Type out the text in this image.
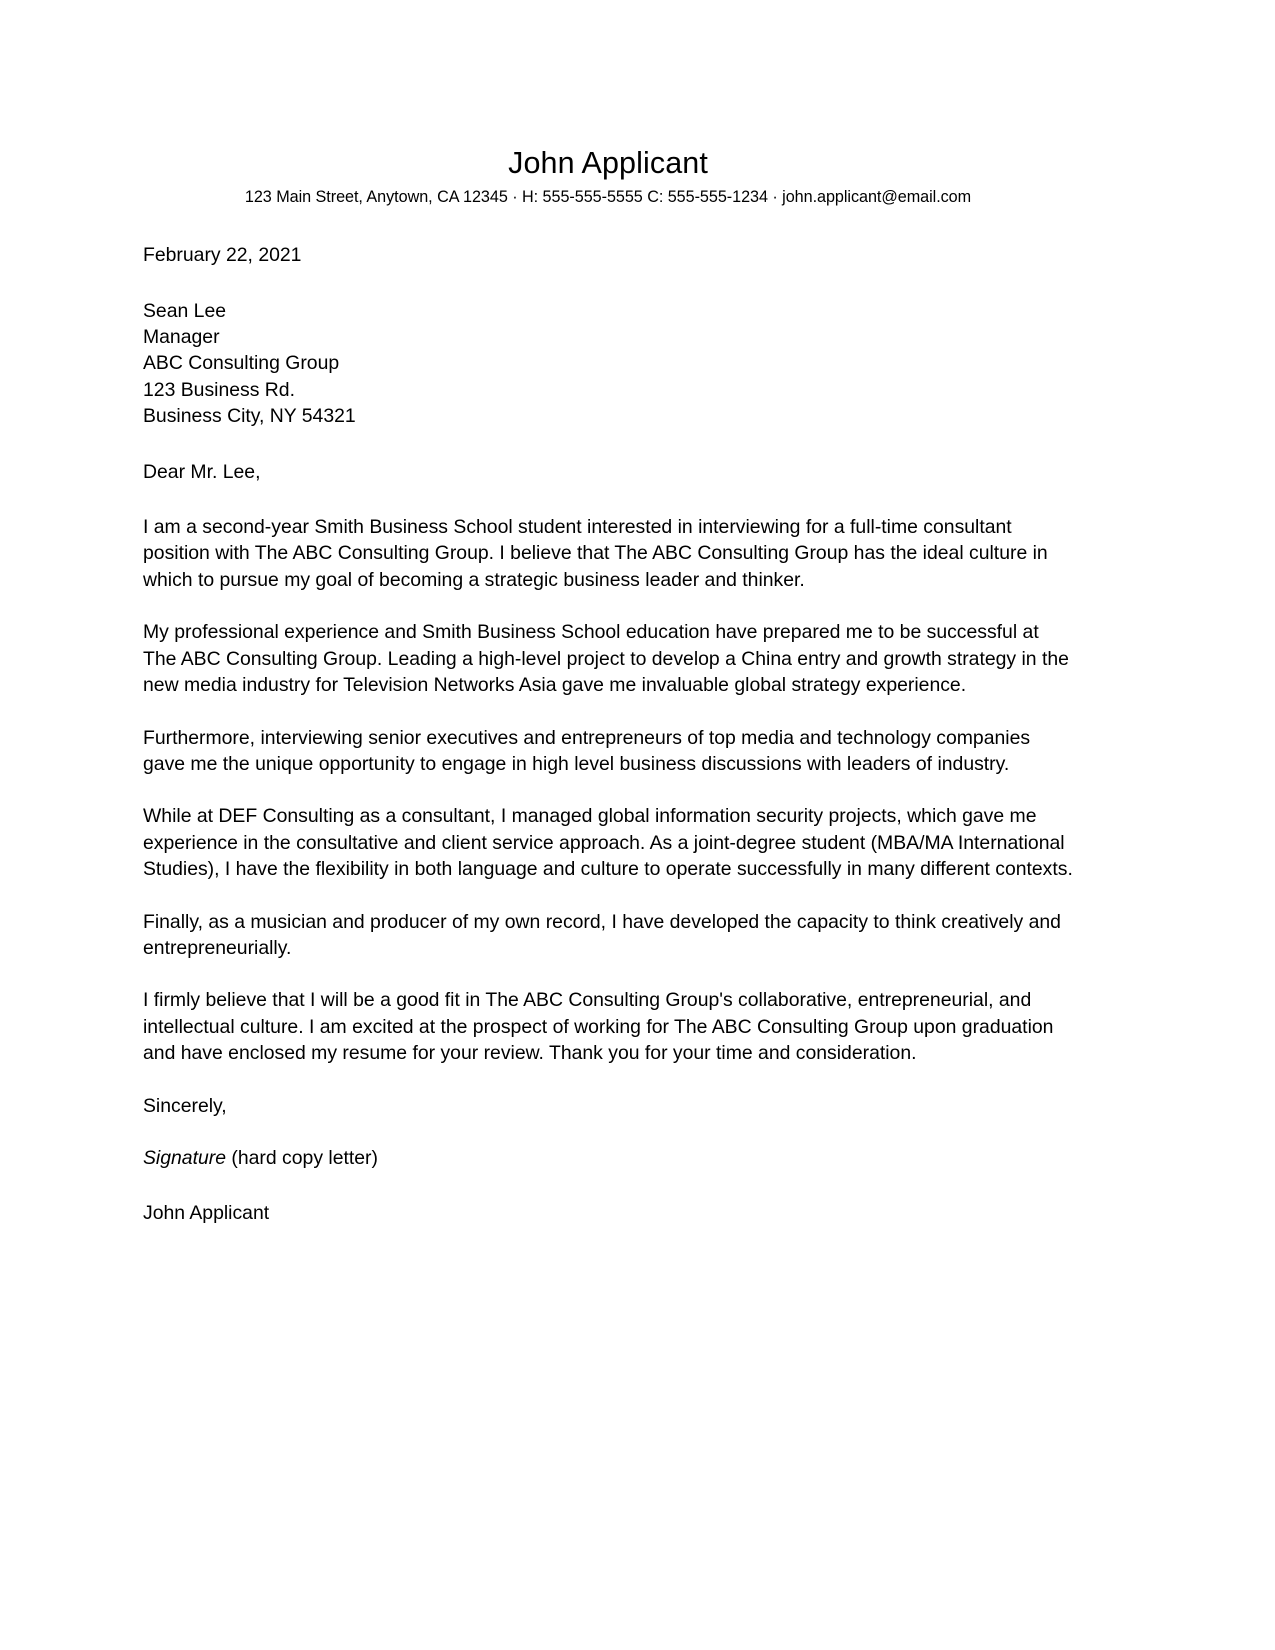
John Applicant
123 Main Street, Anytown, CA 12345 · H: 555-555-5555 C: 555-555-1234 · john.applicant@email.com

February 22, 2021

Sean Lee

Manager

ABC Consulting Group

123 Business Rd.

Business City, NY 54321

Dear Mr. Lee,

I am a second-year Smith Business School student interested in interviewing for a full-time consultant position with The ABC Consulting Group. I believe that The ABC Consulting Group has the ideal culture in which to pursue my goal of becoming a strategic business leader and thinker.

My professional experience and Smith Business School education have prepared me to be successful at The ABC Consulting Group. Leading a high-level project to develop a China entry and growth strategy in the new media industry for Television Networks Asia gave me invaluable global strategy experience.

Furthermore, interviewing senior executives and entrepreneurs of top media and technology companies gave me the unique opportunity to engage in high level business discussions with leaders of industry.

While at DEF Consulting as a consultant, I managed global information security projects, which gave me experience in the consultative and client service approach. As a joint-degree student (MBA/MA International Studies), I have the flexibility in both language and culture to operate successfully in many different contexts.

Finally, as a musician and producer of my own record, I have developed the capacity to think creatively and entrepreneurially.

I firmly believe that I will be a good fit in The ABC Consulting Group's collaborative, entrepreneurial, and intellectual culture. I am excited at the prospect of working for The ABC Consulting Group upon graduation and have enclosed my resume for your review. Thank you for your time and consideration.

Sincerely,

Signature (hard copy letter)

John Applicant
